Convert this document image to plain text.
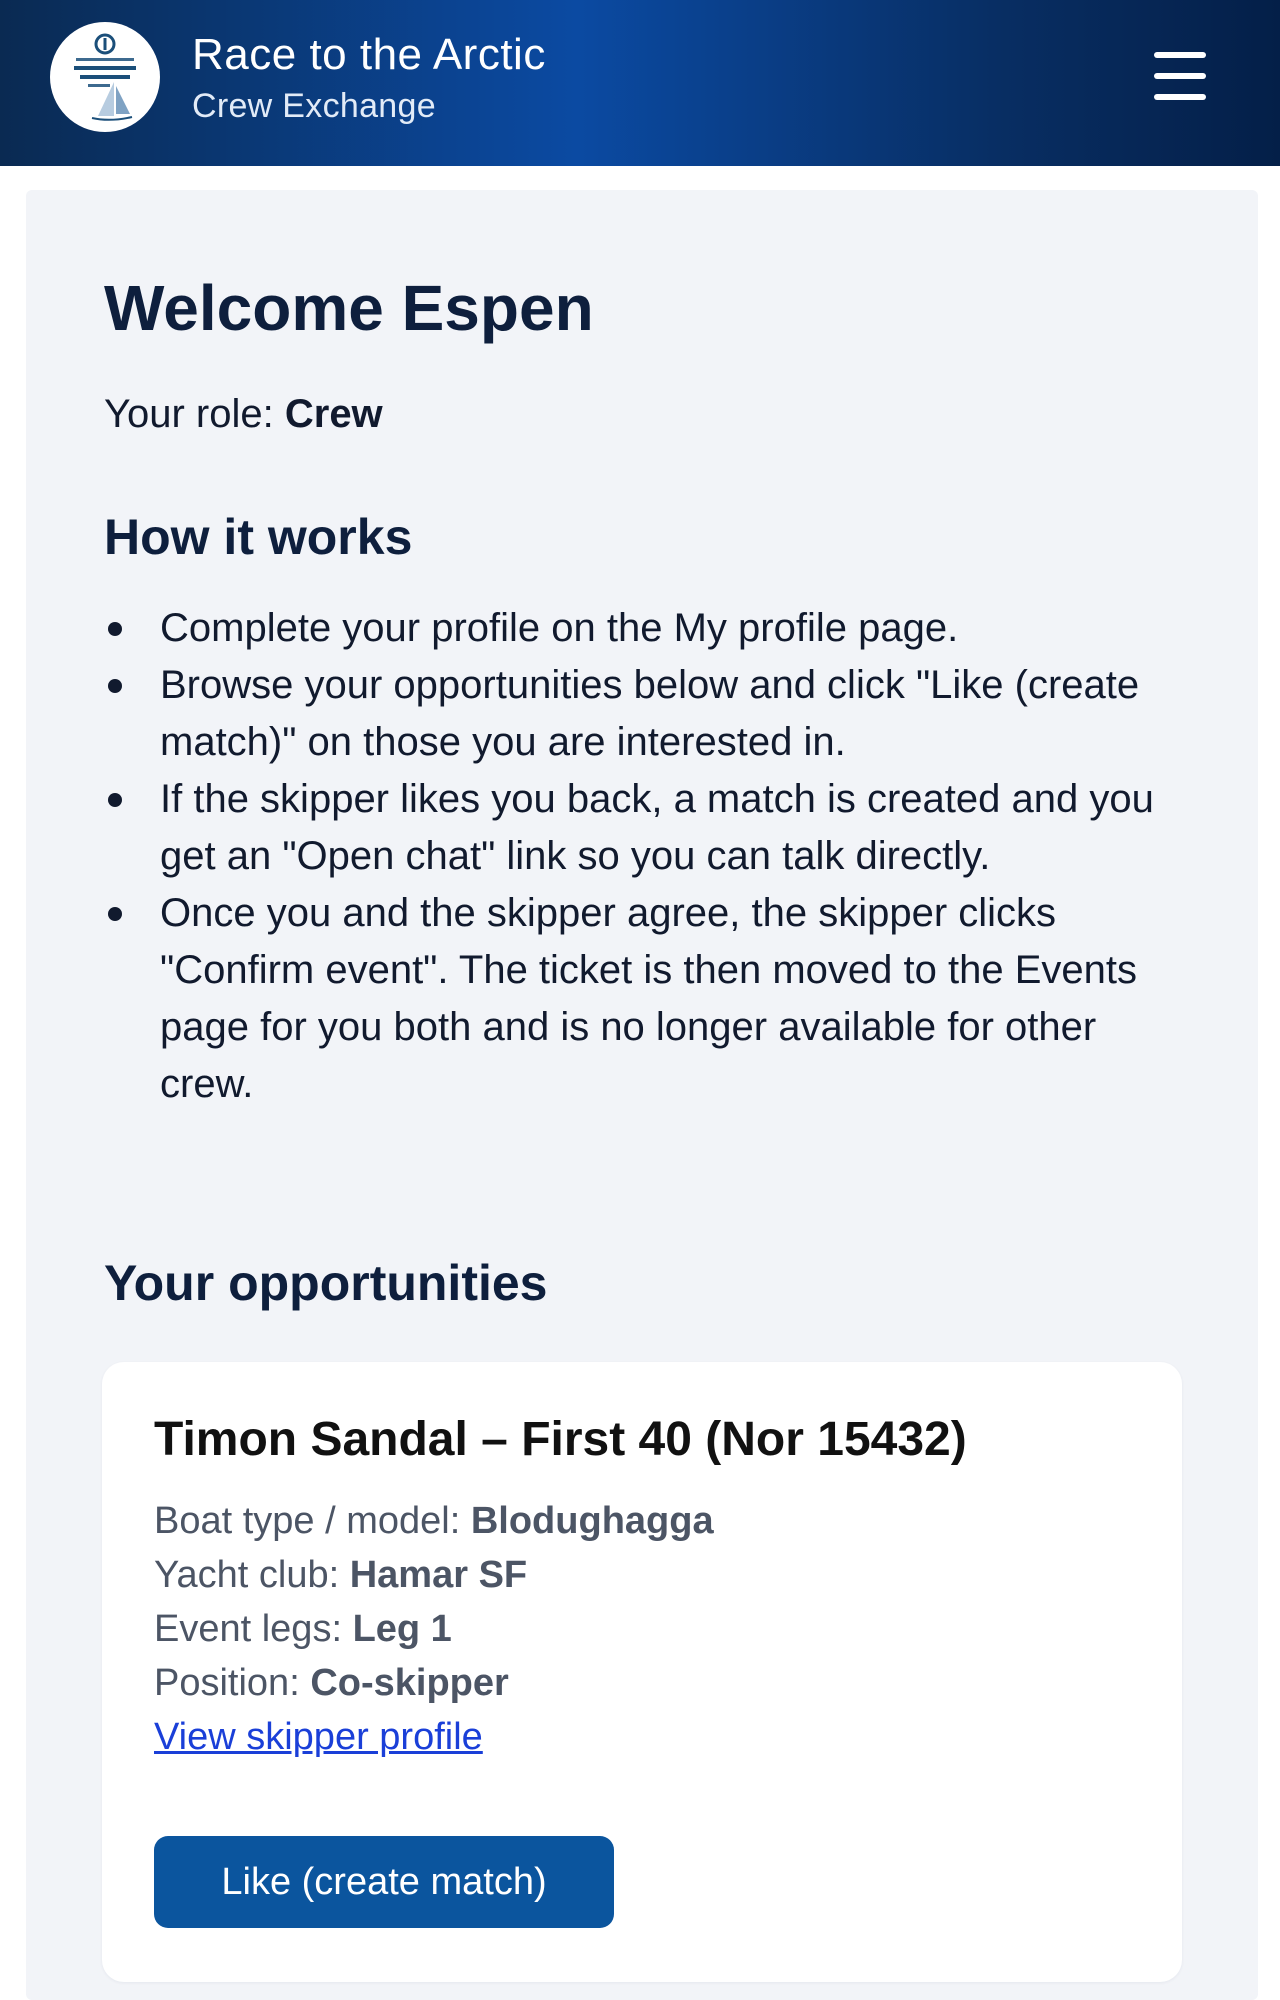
Race to the Arctic
Crew Exchange
Welcome Espen
Your role: Crew
How it works
Complete your profile on the My profile page.
Browse your opportunities below and click "Like (create match)" on those you are interested in.
If the skipper likes you back, a match is created and you get an "Open chat" link so you can talk directly.
Once you and the skipper agree, the skipper clicks "Confirm event". The ticket is then moved to the Events page for you both and is no longer available for other crew.
Your opportunities
Timon Sandal – First 40 (Nor 15432)
Boat type / model: Blodughagga
Yacht club: Hamar SF
Event legs: Leg 1
Position: Co-skipper
View skipper profile
Like (create match)
